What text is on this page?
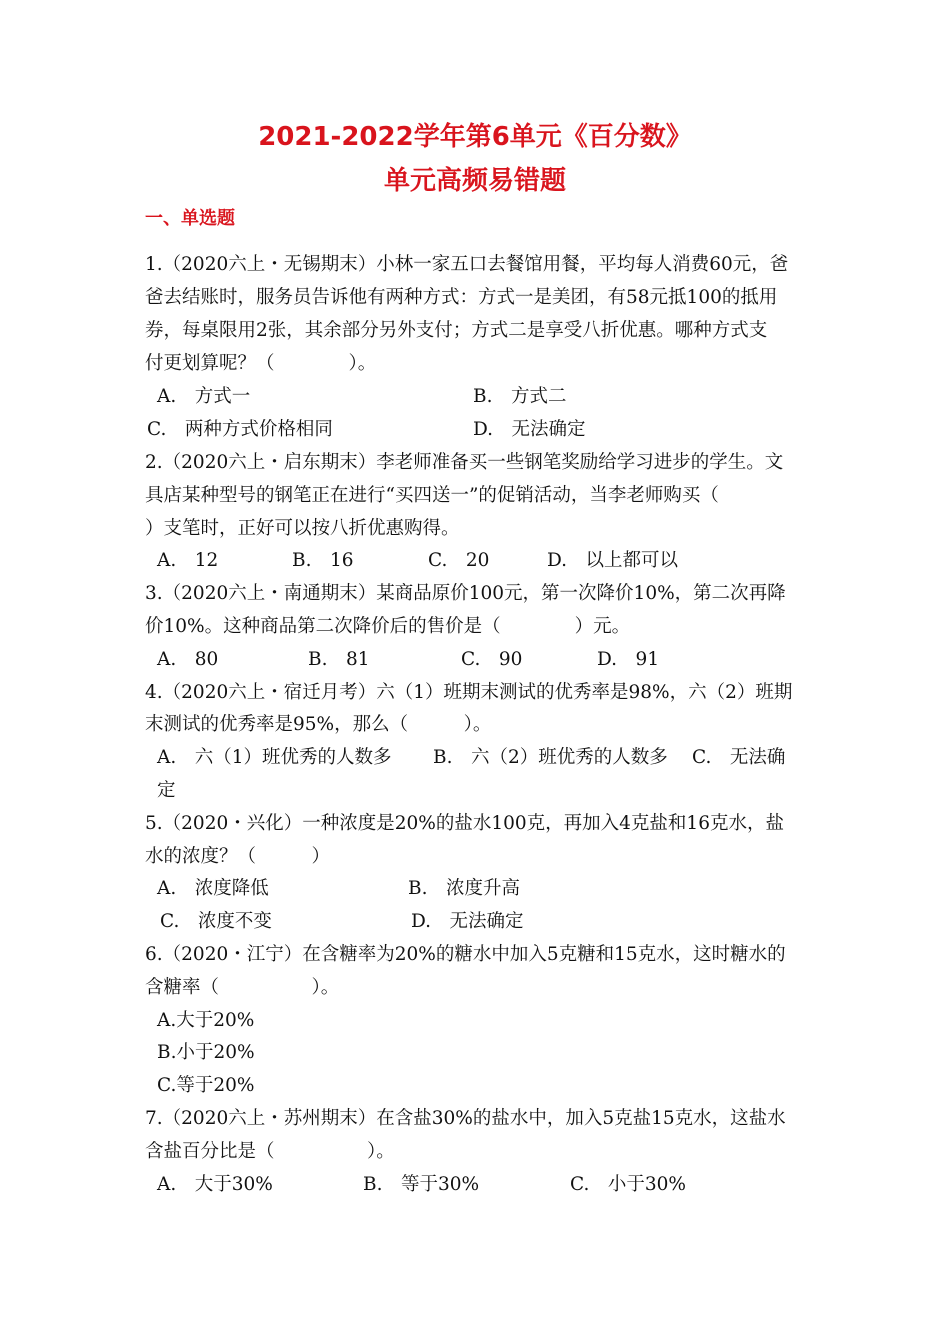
2021-2022学年第6单元《百分数》
单元高频易错题
一、单选题
1.（2020六上・无锡期末）小林一家五口去餐馆用餐，平均每人消费60元，爸
爸去结账时，服务员告诉他有两种方式：方式一是美团，有58元抵100的抵用
券，每桌限用2张，其余部分另外支付；方式二是享受八折优惠。哪种方式支
付更划算呢？（　　　　）。
A.　方式一	B.　方式二
C.　两种方式价格相同	D.　无法确定
2.（2020六上・启东期末）李老师准备买一些钢笔奖励给学习进步的学生。文
具店某种型号的钢笔正在进行“买四送一”的促销活动，当李老师购买（
）支笔时，正好可以按八折优惠购得。
A.　12	B.　16	C.　20	D.　以上都可以
3.（2020六上・南通期末）某商品原价100元，第一次降价10%，第二次再降
价10%。这种商品第二次降价后的售价是（　　　　）元。
A.　80	B.　81	C.　90	D.　91
4.（2020六上・宿迁月考）六（1）班期末测试的优秀率是98%，六（2）班期
末测试的优秀率是95%，那么（　　　）。
A.　六（1）班优秀的人数多 B.　六（2）班优秀的人数多 C.　无法确
定
5.（2020・兴化）一种浓度是20%的盐水100克，再加入4克盐和16克水，盐
水的浓度？（　　　）
A.　浓度降低	B.　浓度升高
C.　浓度不变	D.　无法确定
6.（2020・江宁）在含糖率为20%的糖水中加入5克糖和15克水，这时糖水的
含糖率（　　　　　）。
A.大于20%
B.小于20%
C.等于20%
7.（2020六上・苏州期末）在含盐30%的盐水中，加入5克盐15克水，这盐水
含盐百分比是（　　　　　）。
A.　大于30%	B.　等于30%	C.　小于30%
